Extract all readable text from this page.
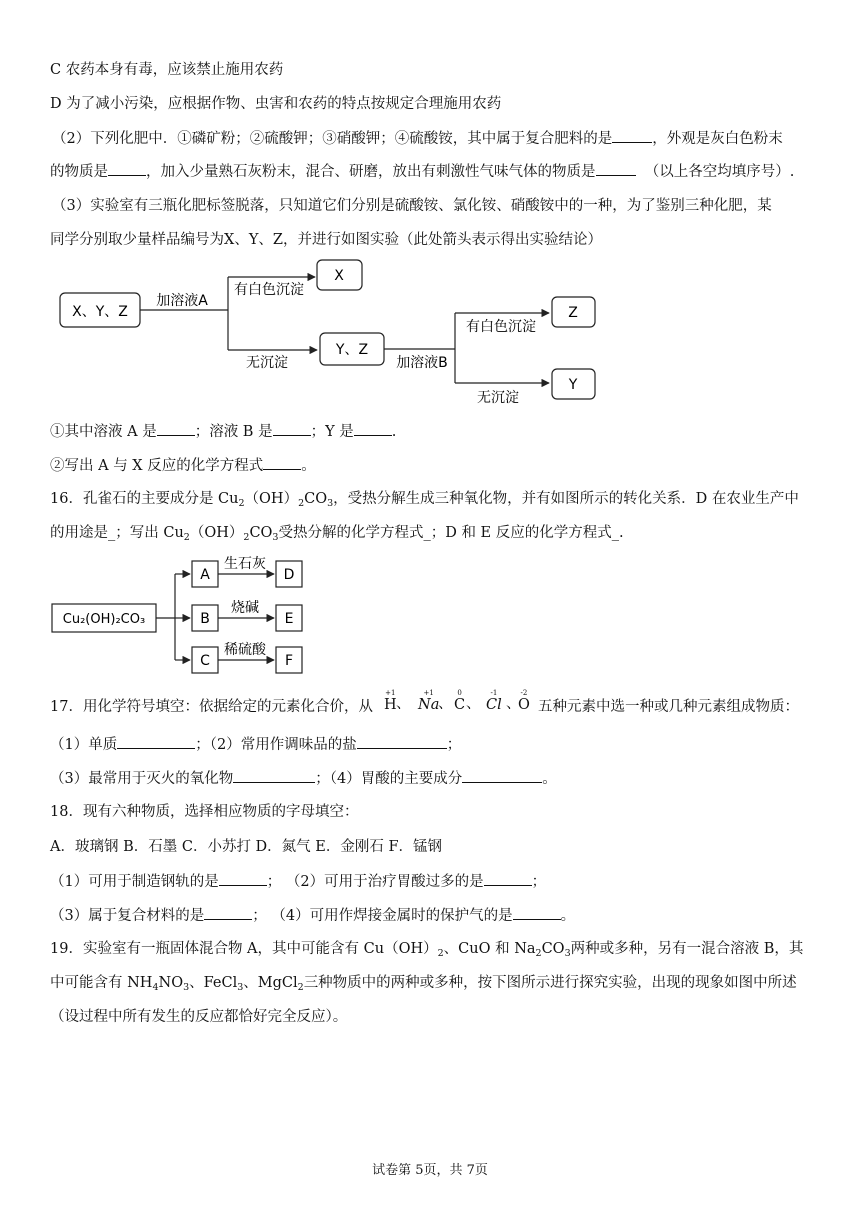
C 农药本身有毒，应该禁止施用农药
D 为了减小污染，应根据作物、虫害和农药的特点按规定合理施用农药
（2）下列化肥中．①磷矿粉；②硫酸钾；③硝酸钾；④硫酸铵，其中属于复合肥料的是	，外观是灰白色粉末
的物质是	，加入少量熟石灰粉末，混合、研磨，放出有刺激性气味气体的物质是	（以上各空均填序号）.
（3）实验室有三瓶化肥标签脱落，只知道它们分别是硫酸铵、氯化铵、硝酸铵中的一种，为了鉴别三种化肥，某
同学分别取少量样品编号为X、Y、Z，并进行如图实验（此处箭头表示得出实验结论）
X、Y、Z
加溶液A
有白色沉淀
X
无沉淀
Y、Z
加溶液B
有白色沉淀
Z
无沉淀
Y
①其中溶液 A 是	；溶液 B 是	；Y 是	.
②写出 A 与 X 反应的化学方程式	。
16．孔雀石的主要成分是 $Cu_2(OH)_2CO_3$，受热分解生成三种氧化物，并有如图所示的转化关系．D 在农业生产中
的用途是_；写出 $Cu_2(OH)_2CO_3$受热分解的化学方程式_；D 和 E 反应的化学方程式_.
Cu₂(OH)₂CO₃
A
B
C
生石灰
烧碱
稀硫酸
D
E
F
17．用化学符号填空：依据给定的元素化合价，从
+1
H 、
+1
Na
、
0
C 、
-1
Cl 、
-2
O 五种元素中选一种或几种元素组成物质：
（1）单质	；（2）常用作调味品的盐	；
（3）最常用于灭火的氧化物	；（4）胃酸的主要成分	。
18．现有六种物质，选择相应物质的字母填空：
A．玻璃钢 B．石墨 C．小苏打 D．氮气 E．金刚石 F．锰钢
（1）可用于制造钢轨的是	； （2）可用于治疗胃酸过多的是	；
（3）属于复合材料的是	； （4）可用作焊接金属时的保护气的是	。
19．实验室有一瓶固体混合物 A，其中可能含有 $Cu(OH)_2$、CuO 和 $Na_2CO_3$两种或多种，另有一混合溶液 B，其
中可能含有 $NH_4NO_3$、FeCl$_3$、MgCl$_2$三种物质中的两种或多种，按下图所示进行探究实验，出现的现象如图中所述
（设过程中所有发生的反应都恰好完全反应）。
试卷第 5页，共 7页
